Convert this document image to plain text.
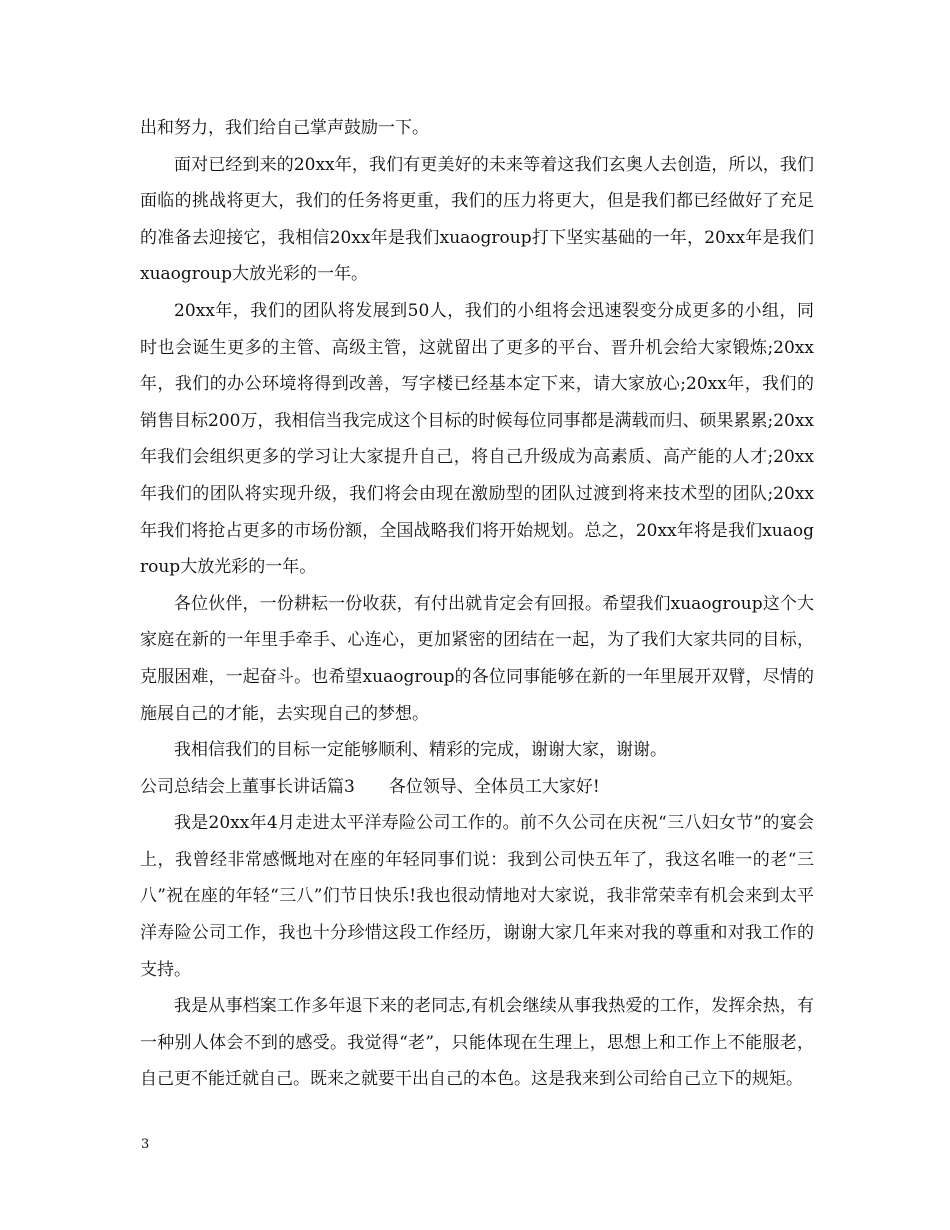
出和努力，我们给自己掌声鼓励一下。

面对已经到来的20xx年，我们有更美好的未来等着这我们玄奥人去创造，所以，我们面临的挑战将更大，我们的任务将更重，我们的压力将更大，但是我们都已经做好了充足的准备去迎接它，我相信20xx年是我们xuaogroup打下坚实基础的一年，20xx年是我们xuaogroup大放光彩的一年。

20xx年，我们的团队将发展到50人，我们的小组将会迅速裂变分成更多的小组，同时也会诞生更多的主管、高级主管，这就留出了更多的平台、晋升机会给大家锻炼;20xx年，我们的办公环境将得到改善，写字楼已经基本定下来，请大家放心;20xx年，我们的销售目标200万，我相信当我完成这个目标的时候每位同事都是满载而归、硕果累累;20xx年我们会组织更多的学习让大家提升自己，将自己升级成为高素质、高产能的人才;20xx年我们的团队将实现升级，我们将会由现在激励型的团队过渡到将来技术型的团队;20xx年我们将抢占更多的市场份额，全国战略我们将开始规划。总之，20xx年将是我们xuaogroup大放光彩的一年。

各位伙伴，一份耕耘一份收获，有付出就肯定会有回报。希望我们xuaogroup这个大家庭在新的一年里手牵手、心连心，更加紧密的团结在一起，为了我们大家共同的目标，克服困难，一起奋斗。也希望xuaogroup的各位同事能够在新的一年里展开双臂，尽情的施展自己的才能，去实现自己的梦想。

我相信我们的目标一定能够顺利、精彩的完成，谢谢大家，谢谢。

公司总结会上董事长讲话篇3　　各位领导、全体员工大家好!

我是20xx年4月走进太平洋寿险公司工作的。前不久公司在庆祝“三八妇女节”的宴会上，我曾经非常感慨地对在座的年轻同事们说：我到公司快五年了，我这名唯一的老“三八”祝在座的年轻“三八”们节日快乐!我也很动情地对大家说，我非常荣幸有机会来到太平洋寿险公司工作，我也十分珍惜这段工作经历，谢谢大家几年来对我的尊重和对我工作的支持。

我是从事档案工作多年退下来的老同志,有机会继续从事我热爱的工作，发挥余热，有一种别人体会不到的感受。我觉得“老”，只能体现在生理上，思想上和工作上不能服老，自己更不能迁就自己。既来之就要干出自己的本色。这是我来到公司给自己立下的规矩。

3
